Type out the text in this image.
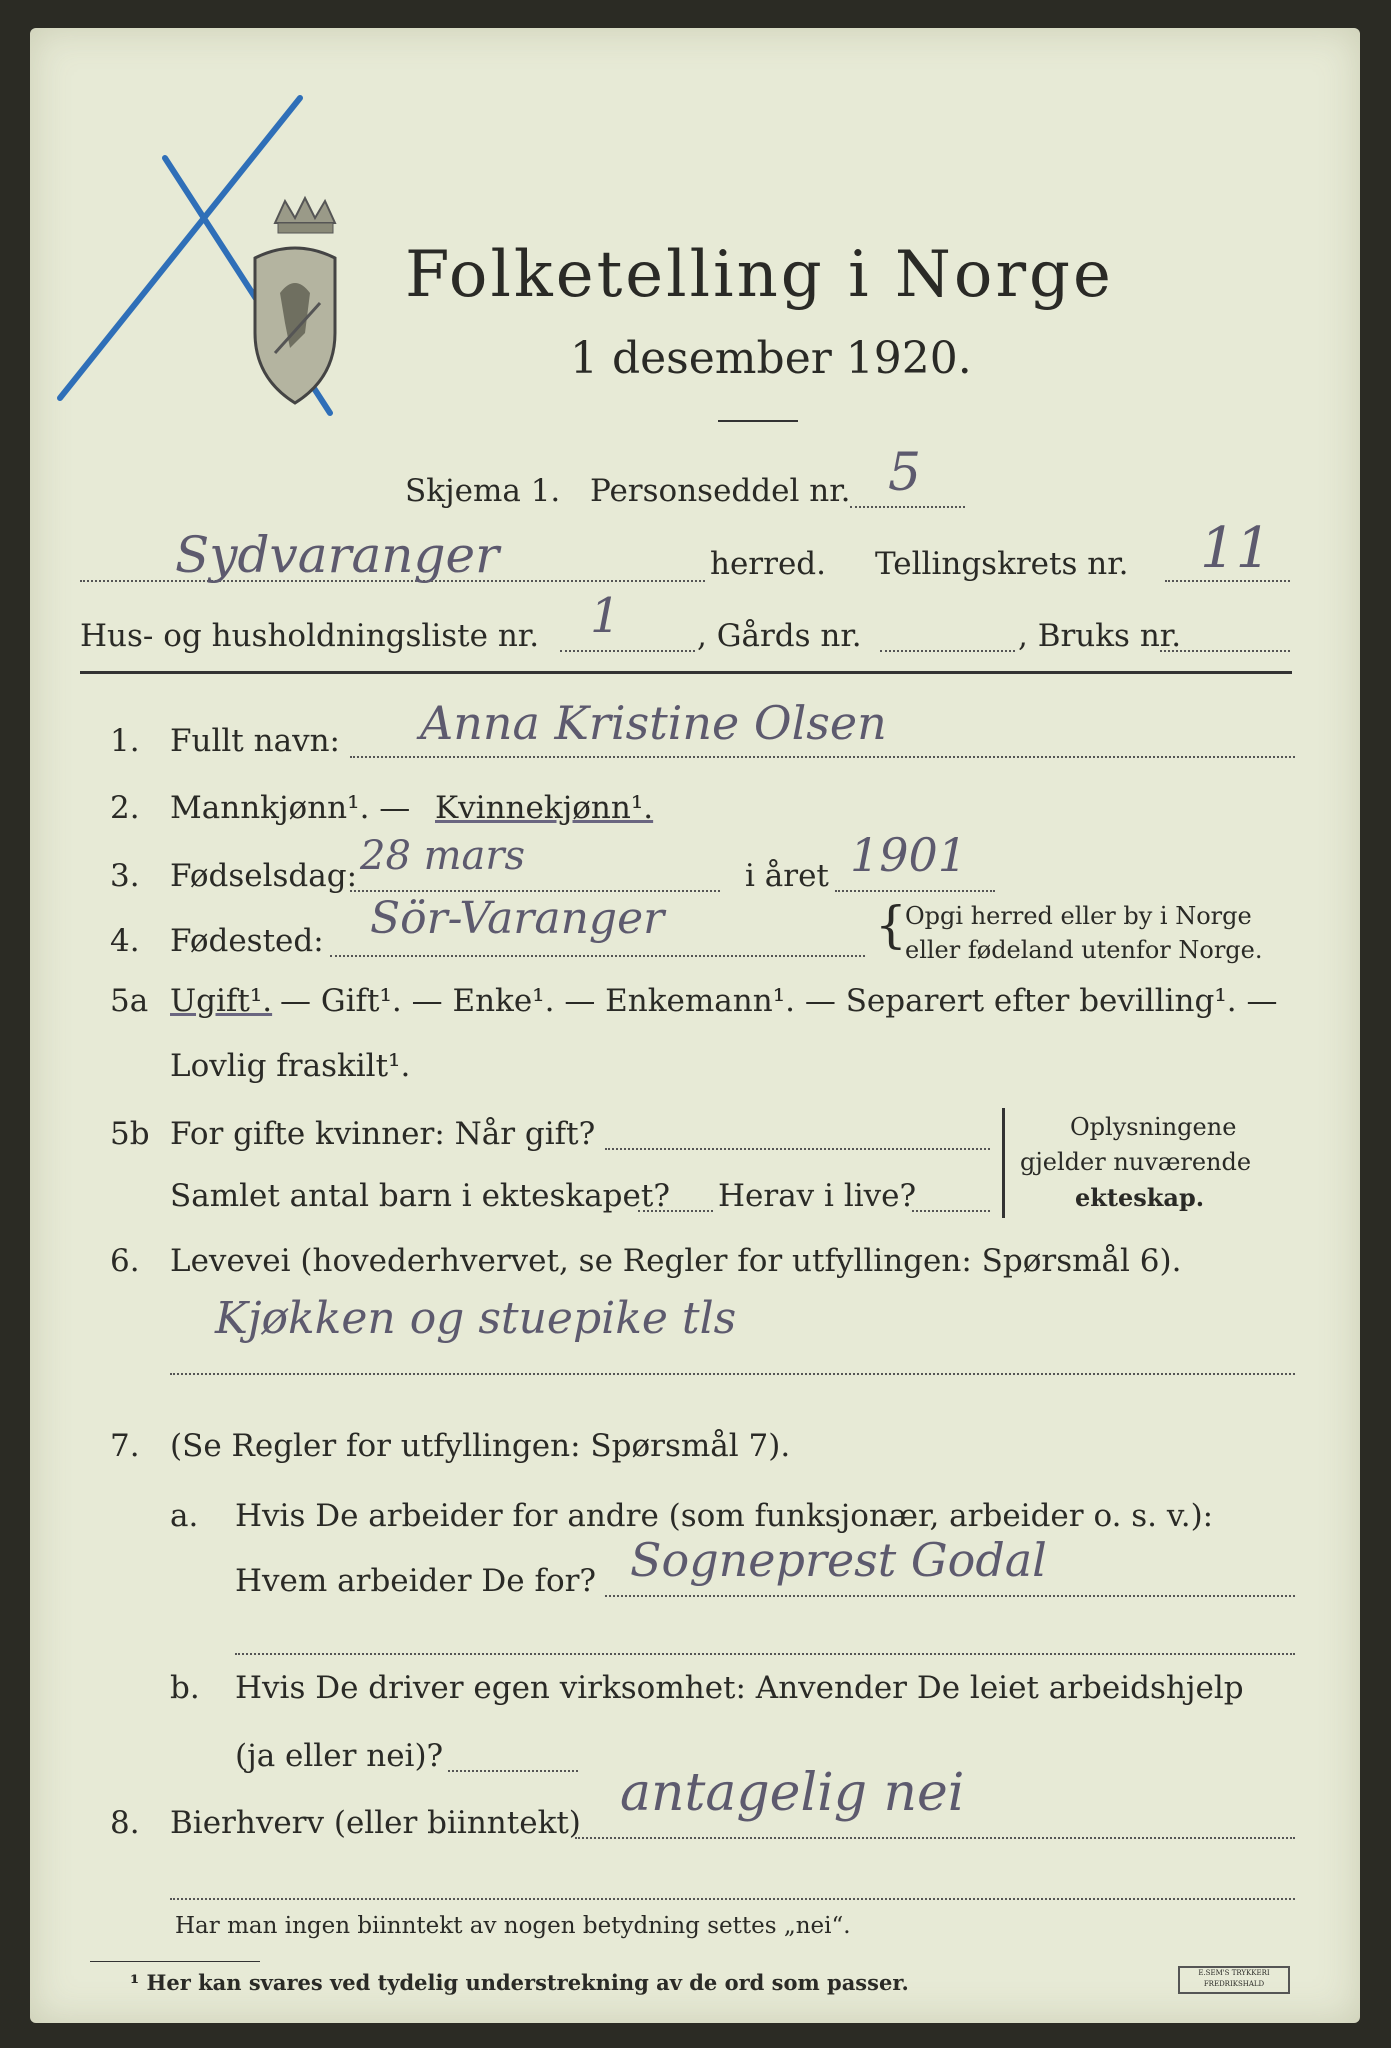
Folketelling i Norge
1 desember 1920.
Skjema 1. Personseddel nr. 5
Sydvaranger	herred. Tellingskrets nr. 11
Hus- og husholdningsliste nr. 1 , Gårds nr.	, Bruks nr.
1. Fullt navn: Anna Kristine Olsen
2. Mannkjønn¹. — Kvinnekjønn¹.
3. Fødselsdag: 28 mars	i året 1901
4. Fødested: Sör-Varanger	{
Opgi herred eller by i Norge
eller fødeland utenfor Norge.
5a Ugift¹. — Gift¹. — Enke¹. — Enkemann¹. — Separert efter bevilling¹. —
Lovlig fraskilt¹.
5b For gifte kvinner: Når gift?
Samlet antal barn i ekteskapet? Herav i live?
Oplysningene
gjelder nuværende
ekteskap.
6. Levevei (hovederhvervet, se Regler for utfyllingen: Spørsmål 6).
Kjøkken og stuepike tls
7. (Se Regler for utfyllingen: Spørsmål 7).
a. Hvis De arbeider for andre (som funksjonær, arbeider o. s. v.):
Hvem arbeider De for? Sogneprest Godal
b. Hvis De driver egen virksomhet: Anvender De leiet arbeidshjelp
(ja eller nei)?
8. Bierhverv (eller biinntekt) antagelig nei
Har man ingen biinntekt av nogen betydning settes „nei“.
¹ Her kan svares ved tydelig understrekning av de ord som passer.	E.SEM'S TRYKKERI FREDRIKSHALD
